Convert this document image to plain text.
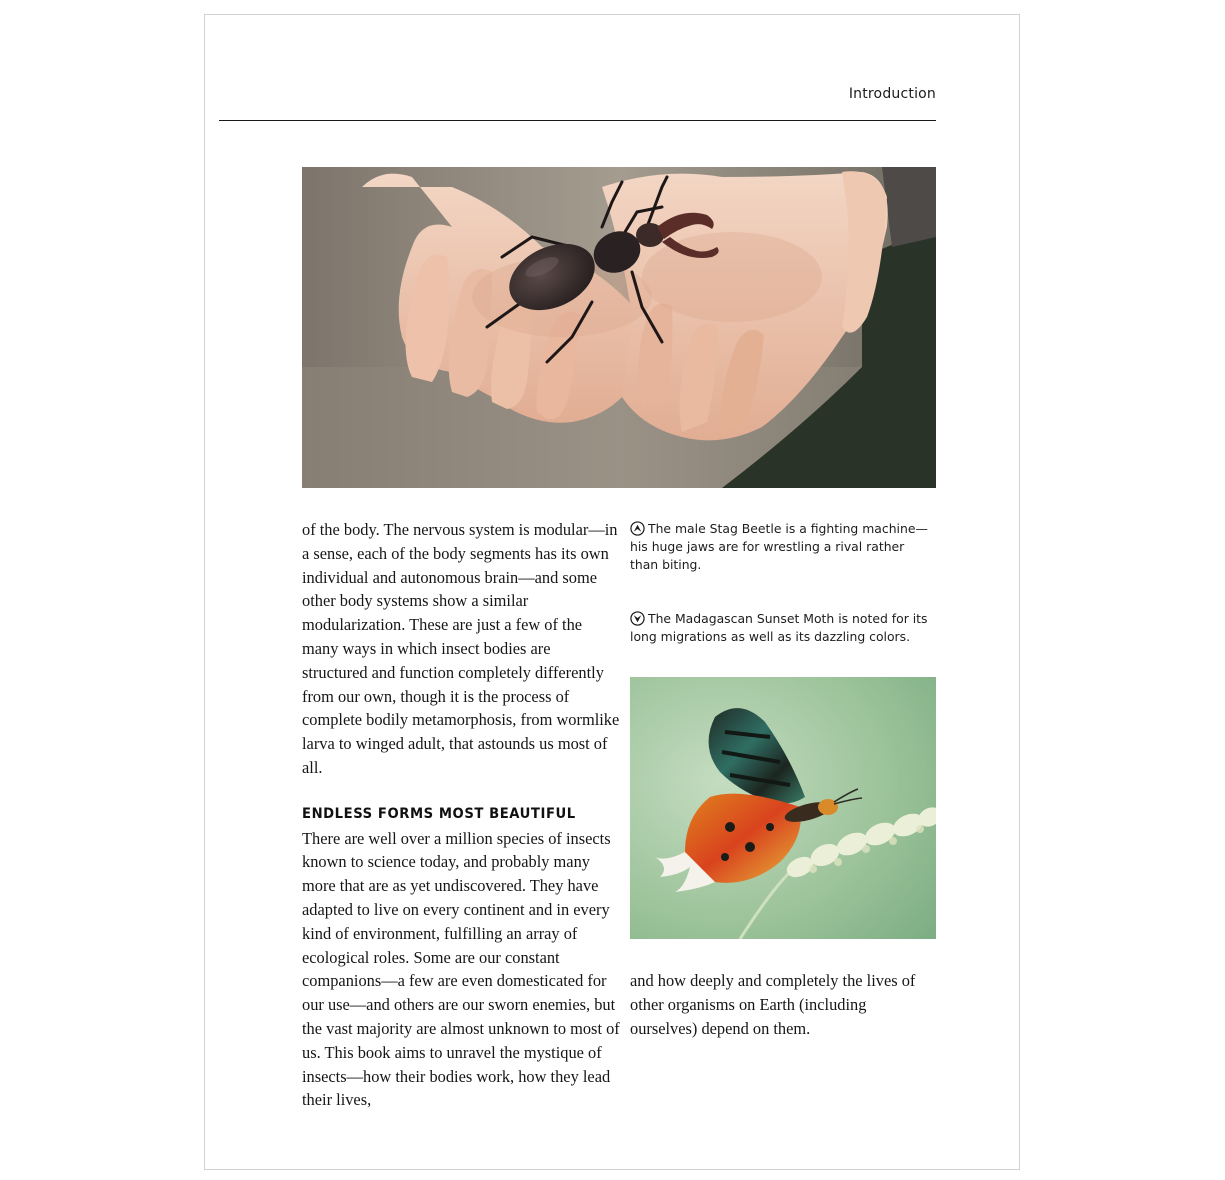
Introduction

of the body. The nervous system is modular—in a sense, each of the body segments has its own individual and autonomous brain—and some other body systems show a similar modularization. These are just a few of the many ways in which insect bodies are structured and function completely differently from our own, though it is the process of complete bodily metamorphosis, from wormlike larva to winged adult, that astounds us most of all.

ENDLESS FORMS MOST BEAUTIFUL

There are well over a million species of insects known to science today, and probably many more that are as yet undiscovered. They have adapted to live on every continent and in every kind of environment, fulfilling an array of ecological roles. Some are our constant companions—a few are even domesticated for our use—and others are our sworn enemies, but the vast majority are almost unknown to most of us. This book aims to unravel the mystique of insects—how their bodies work, how they lead their lives,

The male Stag Beetle is a fighting machine—his huge jaws are for wrestling a rival rather than biting.
The Madagascan Sunset Moth is noted for its long migrations as well as its dazzling colors.
and how deeply and completely the lives of other organisms on Earth (including ourselves) depend on them.
